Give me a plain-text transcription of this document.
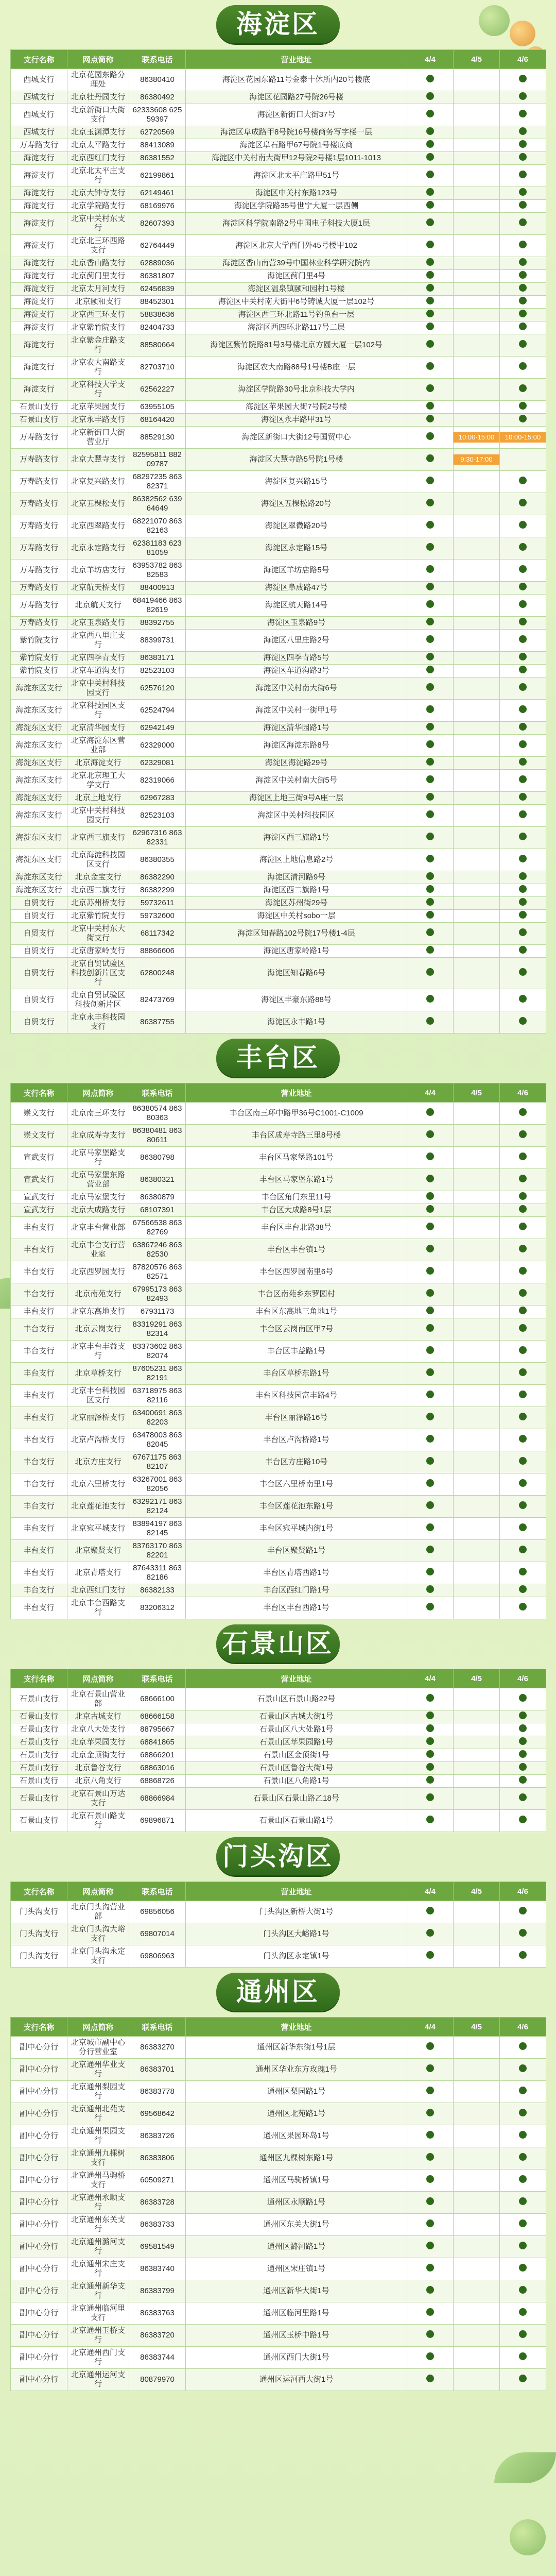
海淀区
支行名称	网点简称	联系电话	营业地址	4/4	4/5	4/6
西城支行	北京花园东路分理处	86380410	海淀区花园东路11号金泰十休所内20号楼底			
西城支行	北京牡丹园支行	86380492	海淀区花园路27号院26号楼			
西城支行	北京新街口大街支行	62333608 62559397	海淀区新街口大街37号			
西城支行	北京玉渊潭支行	62720569	海淀区阜成路甲8号院16号楼商务写字楼一层			
万寿路支行	北京太平路支行	88413089	海淀区阜石路甲67号院1号楼底商			
海淀支行	北京西红门支行	86381552	海淀区中关村南大街甲12号院2号楼1层1011-1013			
海淀支行	北京北太平庄支行	62199861	海淀区北太平庄路甲51号			
海淀支行	北京大钟寺支行	62149461	海淀区中关村东路123号			
海淀支行	北京学院路支行	68169976	海淀区学院路35号世宁大厦一层西侧			
海淀支行	北京中关村东支行	82607393	海淀区科学院南路2号中国电子科技大厦1层			
海淀支行	北京北三环西路支行	62764449	海淀区北京大学西门外45号楼甲102			
海淀支行	北京香山路支行	62889036	海淀区香山南营39号中国林业科学研究院内			
海淀支行	北京蓟门里支行	86381807	海淀区蓟门里4号			
海淀支行	北京太月河支行	62456839	海淀区温泉镇颐和园村1号楼			
海淀支行	北京颐和支行	88452301	海淀区中关村南大街甲6号铸诚大厦一层102号			
海淀支行	北京西三环支行	58838636	海淀区西三环北路11号钓鱼台一层			
海淀支行	北京紫竹院支行	82404733	海淀区西四环北路117号二层			
海淀支行	北京紫金庄路支行	88580664	海淀区紫竹院路81号3号楼北京方圆大厦一层102号			
海淀支行	北京农大南路支行	82703710	海淀区农大南路88号1号楼B座一层			
海淀支行	北京科技大学支行	62562227	海淀区学院路30号北京科技大学内			
石景山支行	北京苹果园支行	63955105	海淀区苹果园大街7号院2号楼			
石景山支行	北京永丰路支行	68164420	海淀区永丰路甲31号			
万寿路支行	北京新街口大街营业厅	88529130	海淀区新街口大街12号国贸中心		10:00-15:00	10:00-15:00
万寿路支行	北京大慧寺支行	82595811 88209787	海淀区大慧寺路5号院1号楼		9:30-17:00	
万寿路支行	北京复兴路支行	68297235 86382371	海淀区复兴路15号			
万寿路支行	北京五棵松支行	86382562 63964649	海淀区五棵松路20号			
万寿路支行	北京西翠路支行	68221070 86382163	海淀区翠微路20号			
万寿路支行	北京永定路支行	62381183 62381059	海淀区永定路15号			
万寿路支行	北京羊坊店支行	63953782 86382583	海淀区羊坊店路5号			
万寿路支行	北京航天桥支行	88400913	海淀区阜成路47号			
万寿路支行	北京航天支行	68419466 86382619	海淀区航天路14号			
万寿路支行	北京玉泉路支行	88392755	海淀区玉泉路9号			
紫竹院支行	北京西八里庄支行	88399731	海淀区八里庄路2号			
紫竹院支行	北京四季青支行	86383171	海淀区四季青路5号			
紫竹院支行	北京车道沟支行	82523103	海淀区车道沟路3号			
海淀东区支行	北京中关村科技园支行	62576120	海淀区中关村南大街6号			
海淀东区支行	北京科技园区支行	62524794	海淀区中关村一街甲1号			
海淀东区支行	北京清华园支行	62942149	海淀区清华园路1号			
海淀东区支行	北京海淀东区营业部	62329000	海淀区海淀东路8号			
海淀东区支行	北京海淀支行	62329081	海淀区海淀路29号			
海淀东区支行	北京北京理工大学支行	82319066	海淀区中关村南大街5号			
海淀东区支行	北京上地支行	62967283	海淀区上地三街9号A座一层			
海淀东区支行	北京中关村科技园支行	82523103	海淀区中关村科技园区			
海淀东区支行	北京西三旗支行	62967316 86382331	海淀区西三旗路1号			
海淀东区支行	北京海淀科技园区支行	86380355	海淀区上地信息路2号			
海淀东区支行	北京金宝支行	86382290	海淀区清河路9号			
海淀东区支行	北京西二旗支行	86382299	海淀区西二旗路1号			
自贸支行	北京苏州桥支行	59732611	海淀区苏州街29号			
自贸支行	北京紫竹院支行	59732600	海淀区中关村sobo一层			
自贸支行	北京中关村东大街支行	68117342	海淀区知春路102号院17号楼1-4层			
自贸支行	北京唐家岭支行	88866606	海淀区唐家岭路1号			
自贸支行	北京自贸试验区科技创新片区支行	62800248	海淀区知春路6号			
自贸支行	北京自贸试验区科技创新片区	82473769	海淀区丰豪东路88号			
自贸支行	北京永丰科技园支行	86387755	海淀区永丰路1号			
丰台区
支行名称	网点简称	联系电话	营业地址	4/4	4/5	4/6
崇文支行	北京南三环支行	86380574 86380363	丰台区南三环中路甲36号C1001-C1009			
崇文支行	北京成寿寺支行	86380481 86380611	丰台区成寿寺路三里8号楼			
宣武支行	北京马家堡路支行	86380798	丰台区马家堡路101号			
宣武支行	北京马家堡东路营业部	86380321	丰台区马家堡东路1号			
宣武支行	北京马家堡支行	86380879	丰台区角门东里11号			
宣武支行	北京大成路支行	68107391	丰台区大成路8号1层			
丰台支行	北京丰台营业部	67566538 86382769	丰台区丰台北路38号			
丰台支行	北京丰台支行营业室	63867246 86382530	丰台区丰台镇1号			
丰台支行	北京西罗园支行	87820576 86382571	丰台区西罗园南里6号			
丰台支行	北京南苑支行	67995173 86382493	丰台区南苑乡东罗园村			
丰台支行	北京东高地支行	67931173	丰台区东高地三角地1号			
丰台支行	北京云岗支行	83319291 86382314	丰台区云岗南区甲7号			
丰台支行	北京丰台丰益支行	83373602 86382074	丰台区丰益路1号			
丰台支行	北京草桥支行	87605231 86382191	丰台区草桥东路1号			
丰台支行	北京丰台科技园区支行	63718975 86382116	丰台区科技园富丰路4号			
丰台支行	北京丽泽桥支行	63400691 86382203	丰台区丽泽路16号			
丰台支行	北京卢沟桥支行	63478003 86382045	丰台区卢沟桥路1号			
丰台支行	北京方庄支行	67671175 86382107	丰台区方庄路10号			
丰台支行	北京六里桥支行	63267001 86382056	丰台区六里桥南里1号			
丰台支行	北京莲花池支行	63292171 86382124	丰台区莲花池东路1号			
丰台支行	北京宛平城支行	83894197 86382145	丰台区宛平城内街1号			
丰台支行	北京聚贤支行	83763170 86382201	丰台区聚贤路1号			
丰台支行	北京青塔支行	87643311 86382186	丰台区青塔西路1号			
丰台支行	北京西红门支行	86382133	丰台区西红门路1号			
丰台支行	北京丰台西路支行	83206312	丰台区丰台西路1号			
石景山区
支行名称	网点简称	联系电话	营业地址	4/4	4/5	4/6
石景山支行	北京石景山营业部	68666100	石景山区石景山路22号			
石景山支行	北京古城支行	68666158	石景山区古城大街1号			
石景山支行	北京八大处支行	88795667	石景山区八大处路1号			
石景山支行	北京苹果园支行	68841865	石景山区苹果园路1号			
石景山支行	北京金顶街支行	68866201	石景山区金顶街1号			
石景山支行	北京鲁谷支行	68863016	石景山区鲁谷大街1号			
石景山支行	北京八角支行	68868726	石景山区八角路1号			
石景山支行	北京石景山万达支行	68866984	石景山区石景山路乙18号			
石景山支行	北京石景山路支行	69896871	石景山区石景山路1号			
门头沟区
支行名称	网点简称	联系电话	营业地址	4/4	4/5	4/6
门头沟支行	北京门头沟营业部	69856056	门头沟区新桥大街1号			
门头沟支行	北京门头沟大峪支行	69807014	门头沟区大峪路1号			
门头沟支行	北京门头沟永定支行	69806963	门头沟区永定镇1号			
通州区
支行名称	网点简称	联系电话	营业地址	4/4	4/5	4/6
副中心分行	北京城市副中心分行营业室	86383270	通州区新华东街1号1层			
副中心分行	北京通州华业支行	86383701	通州区华业东方玫瑰1号			
副中心分行	北京通州梨园支行	86383778	通州区梨园路1号			
副中心分行	北京通州北苑支行	69568642	通州区北苑路1号			
副中心分行	北京通州果园支行	86383726	通州区果园环岛1号			
副中心分行	北京通州九棵树支行	86383806	通州区九棵树东路1号			
副中心分行	北京通州马驹桥支行	60509271	通州区马驹桥镇1号			
副中心分行	北京通州永顺支行	86383728	通州区永顺路1号			
副中心分行	北京通州东关支行	86383733	通州区东关大街1号			
副中心分行	北京通州潞河支行	69581549	通州区潞河路1号			
副中心分行	北京通州宋庄支行	86383740	通州区宋庄镇1号			
副中心分行	北京通州新华支行	86383799	通州区新华大街1号			
副中心分行	北京通州临河里支行	86383763	通州区临河里路1号			
副中心分行	北京通州玉桥支行	86383720	通州区玉桥中路1号			
副中心分行	北京通州西门支行	86383744	通州区西门大街1号			
副中心分行	北京通州运河支行	80879970	通州区运河西大街1号			
